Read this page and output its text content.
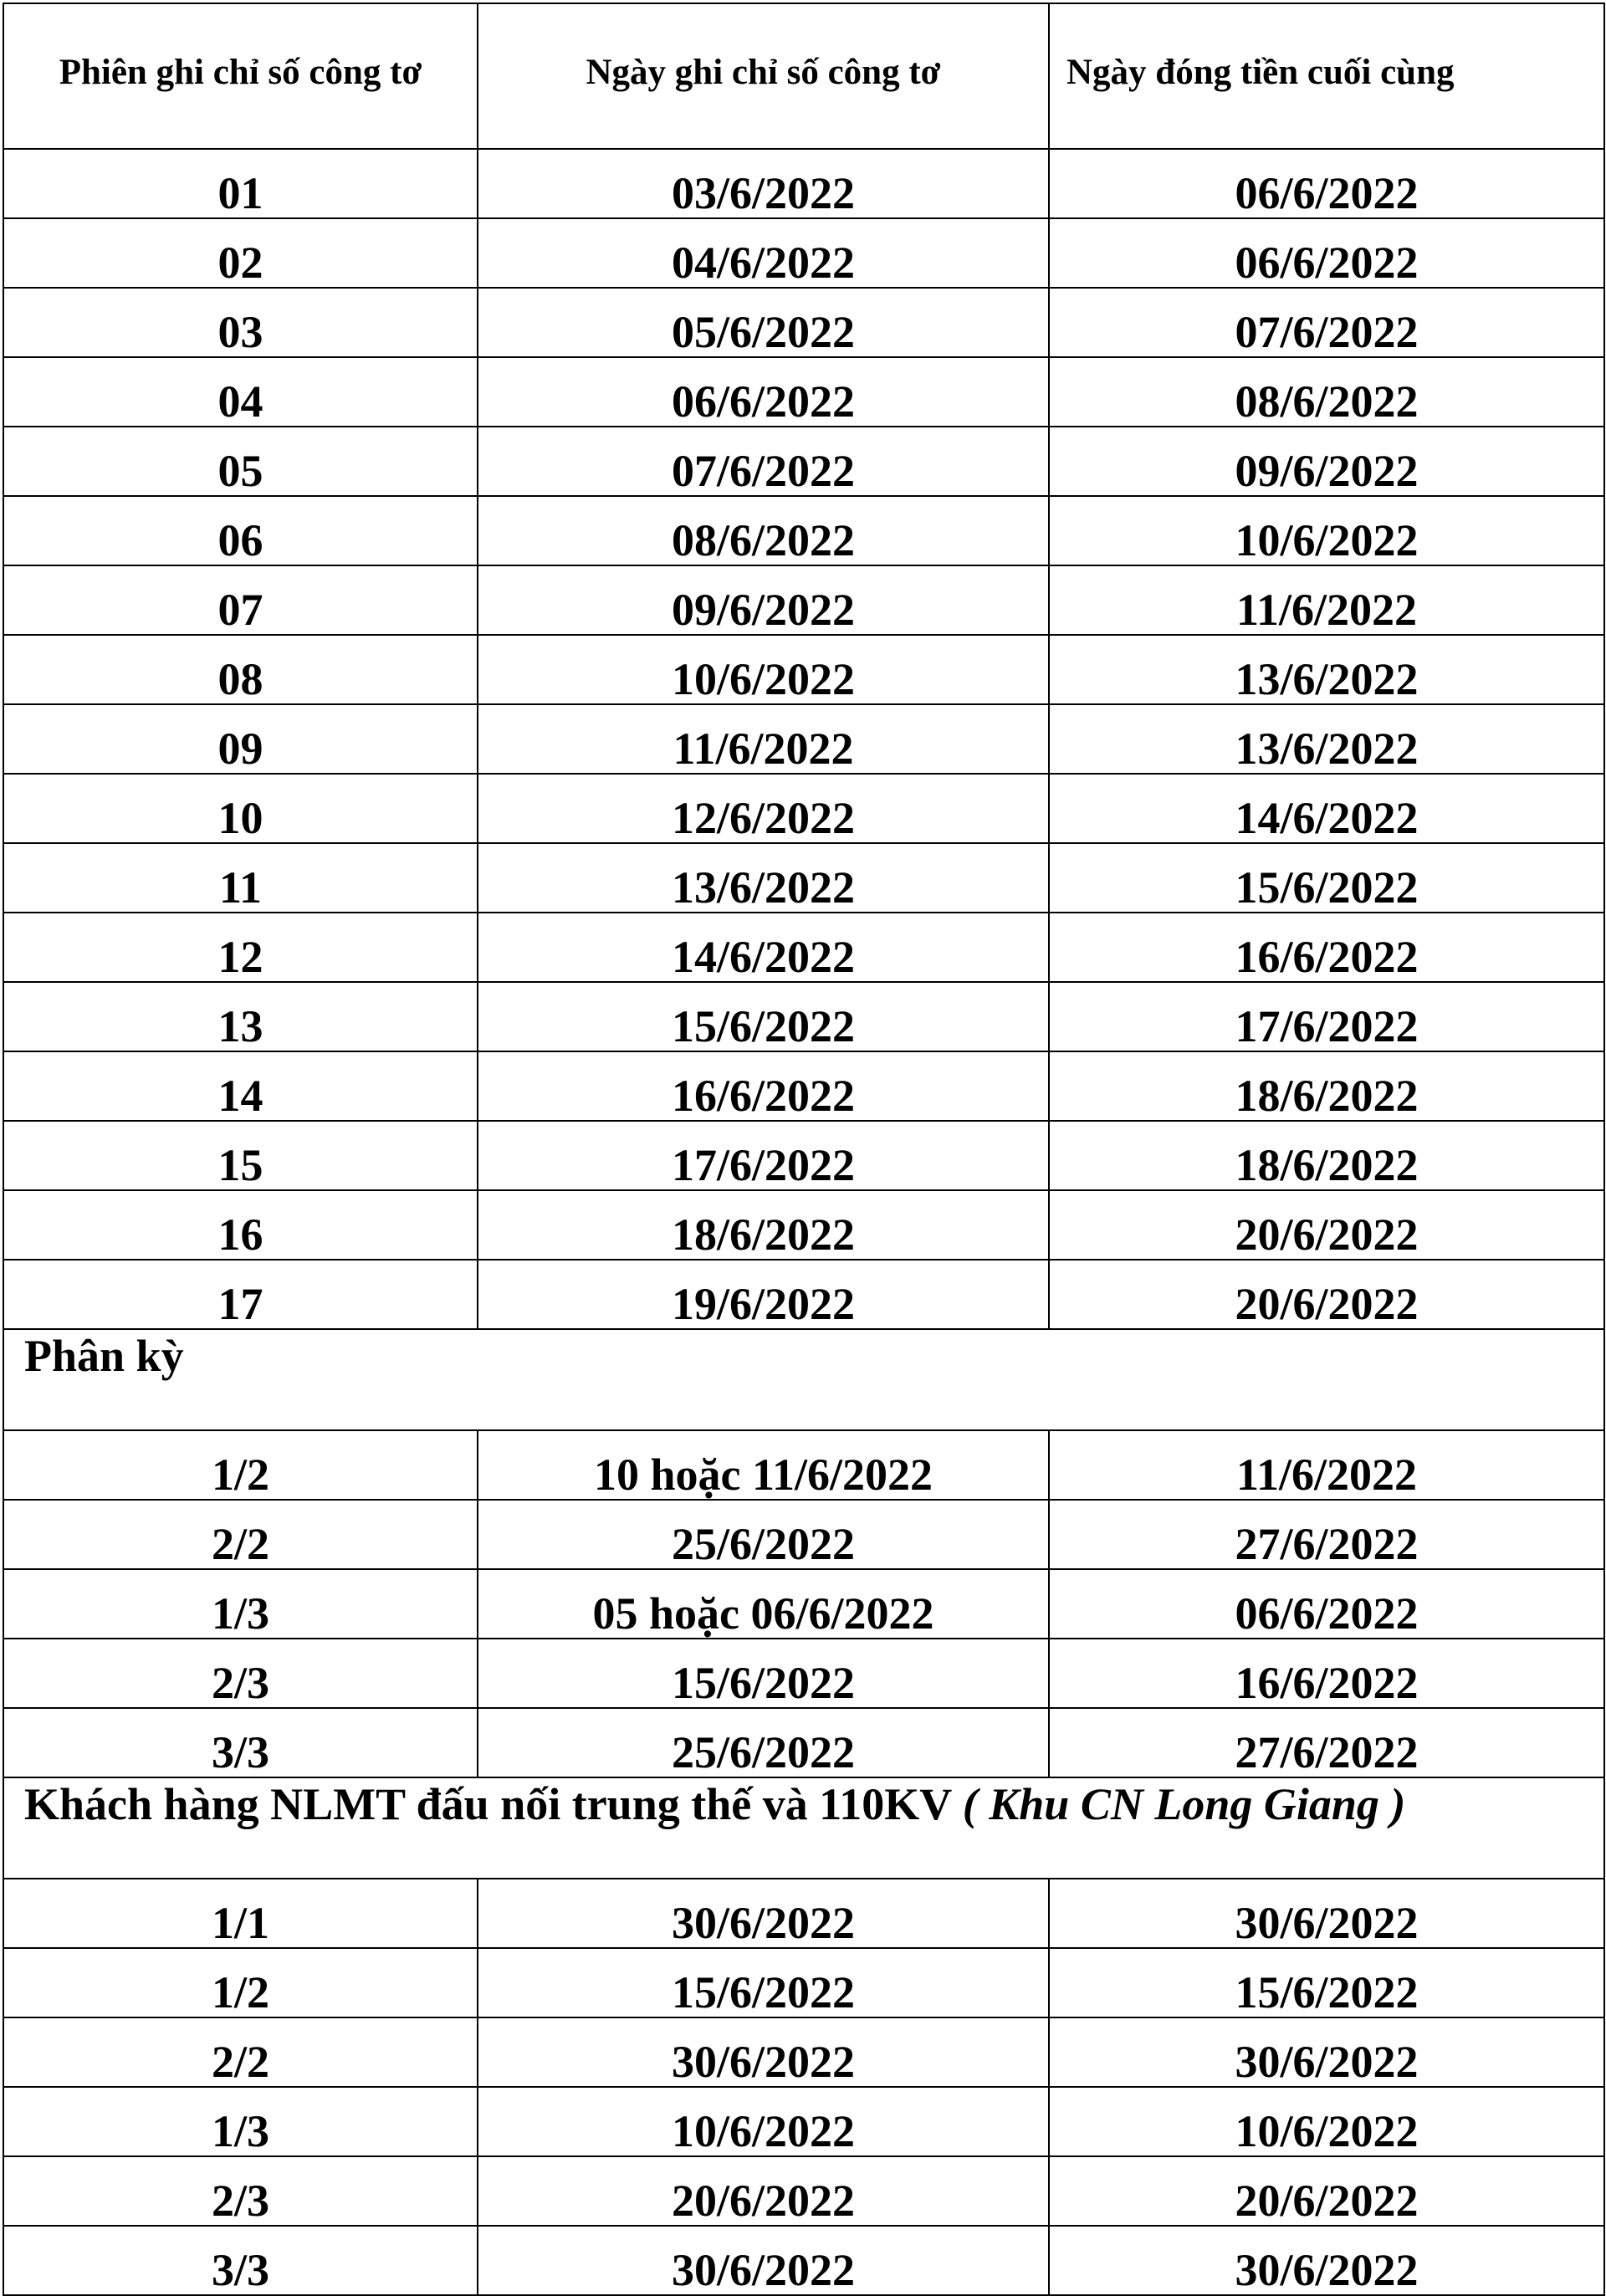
Phiên ghi chỉ số công tơ	Ngày ghi chỉ số công tơ	Ngày đóng tiền cuối cùng
01	03/6/2022	06/6/2022
02	04/6/2022	06/6/2022
03	05/6/2022	07/6/2022
04	06/6/2022	08/6/2022
05	07/6/2022	09/6/2022
06	08/6/2022	10/6/2022
07	09/6/2022	11/6/2022
08	10/6/2022	13/6/2022
09	11/6/2022	13/6/2022
10	12/6/2022	14/6/2022
11	13/6/2022	15/6/2022
12	14/6/2022	16/6/2022
13	15/6/2022	17/6/2022
14	16/6/2022	18/6/2022
15	17/6/2022	18/6/2022
16	18/6/2022	20/6/2022
17	19/6/2022	20/6/2022
Phân kỳ		
1/2	10 hoặc 11/6/2022	11/6/2022
2/2	25/6/2022	27/6/2022
1/3	05 hoặc 06/6/2022	06/6/2022
2/3	15/6/2022	16/6/2022
3/3	25/6/2022	27/6/2022
Khách hàng NLMT đấu nối trung thế và 110KV ( Khu CN Long Giang )		
1/1	30/6/2022	30/6/2022
1/2	15/6/2022	15/6/2022
2/2	30/6/2022	30/6/2022
1/3	10/6/2022	10/6/2022
2/3	20/6/2022	20/6/2022
3/3	30/6/2022	30/6/2022
